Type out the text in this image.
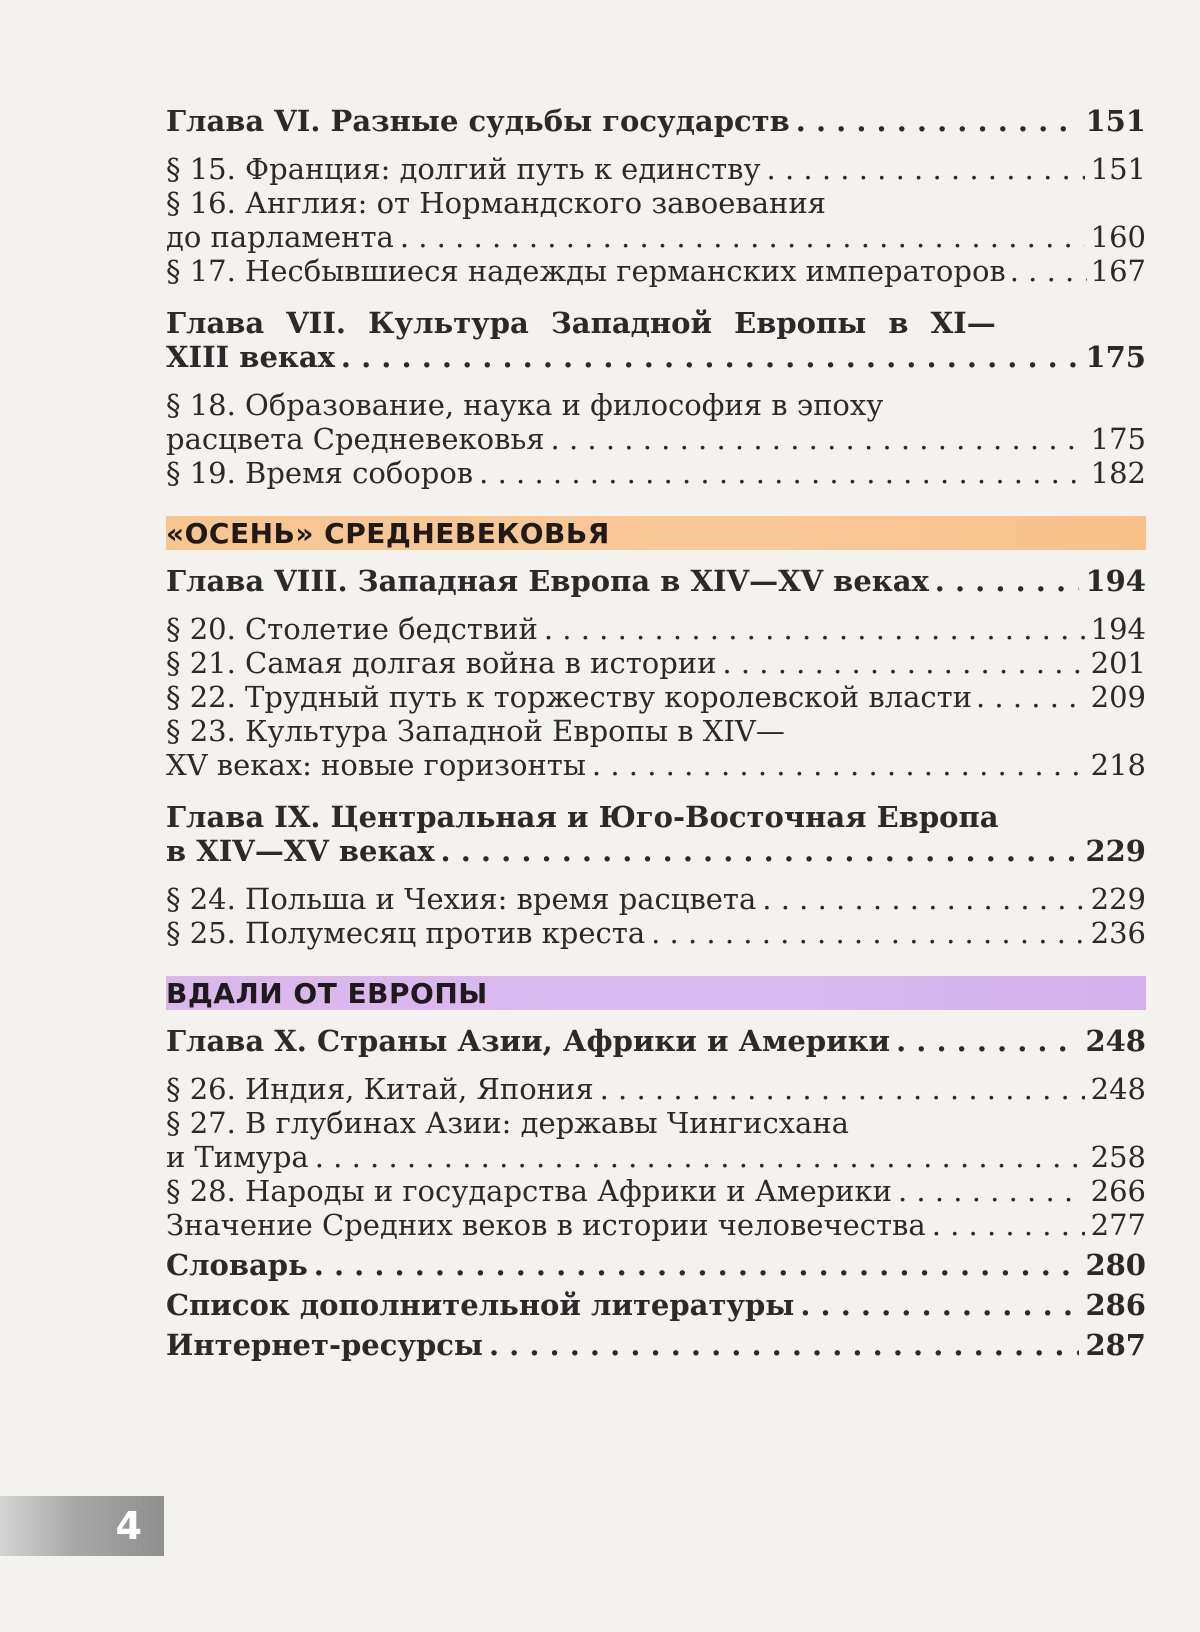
Глава VI. Разные судьбы государств . . .	151
§ 15. Франция: долгий путь к единству . . .	151
§ 16. Англия: от Нормандского завоевания
до парламента . . .	160
§ 17. Несбывшиеся надежды германских императоров . . .	167
Глава VII. Культура Западной Европы в XI—
XIII веках . . .	175
§ 18. Образование, наука и философия в эпоху
расцвета Средневековья . . .	175
§ 19. Время соборов . . .	182
«ОСЕНЬ» СРЕДНЕВЕКОВЬЯ
Глава VIII. Западная Европа в XIV—XV веках . . .	194
§ 20. Столетие бедствий . . .	194
§ 21. Самая долгая война в истории . . .	201
§ 22. Трудный путь к торжеству королевской власти . . .	209
§ 23. Культура Западной Европы в XIV—
XV веках: новые горизонты . . .	218
Глава IX. Центральная и Юго-Восточная Европа
в XIV—XV веках . . .	229
§ 24. Польша и Чехия: время расцвета . . .	229
§ 25. Полумесяц против креста . . .	236
ВДАЛИ ОТ ЕВРОПЫ
Глава X. Страны Азии, Африки и Америки . . .	248
§ 26. Индия, Китай, Япония . . .	248
§ 27. В глубинах Азии: державы Чингисхана
и Тимура . . .	258
§ 28. Народы и государства Африки и Америки . . .	266
Значение Средних веков в истории человечества . . .	277
Словарь . . .	280
Список дополнительной литературы . . .	286
Интернет-ресурсы . . .	287
4
